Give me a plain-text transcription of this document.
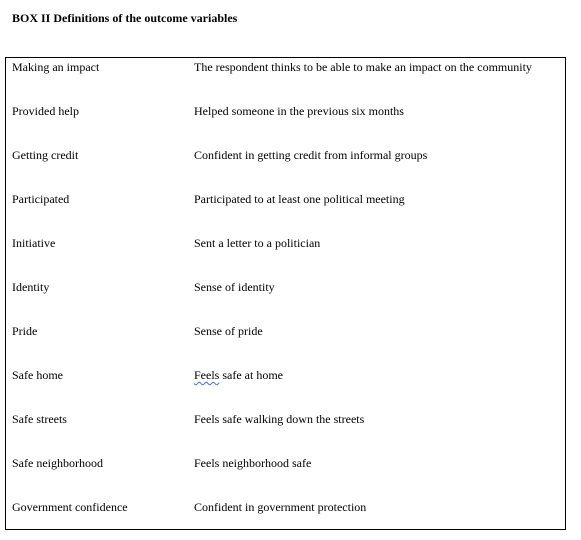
BOX II Definitions of the outcome variables
Making an impact	The respondent thinks to be able to make an impact on the community
Provided help	Helped someone in the previous six months
Getting credit	Confident in getting credit from informal groups
Participated	Participated to at least one political meeting
Initiative	Sent a letter to a politician
Identity	Sense of identity
Pride	Sense of pride
Safe home	Feels safe at home
Safe streets	Feels safe walking down the streets
Safe neighborhood	Feels neighborhood safe
Government confidence	Confident in government protection
